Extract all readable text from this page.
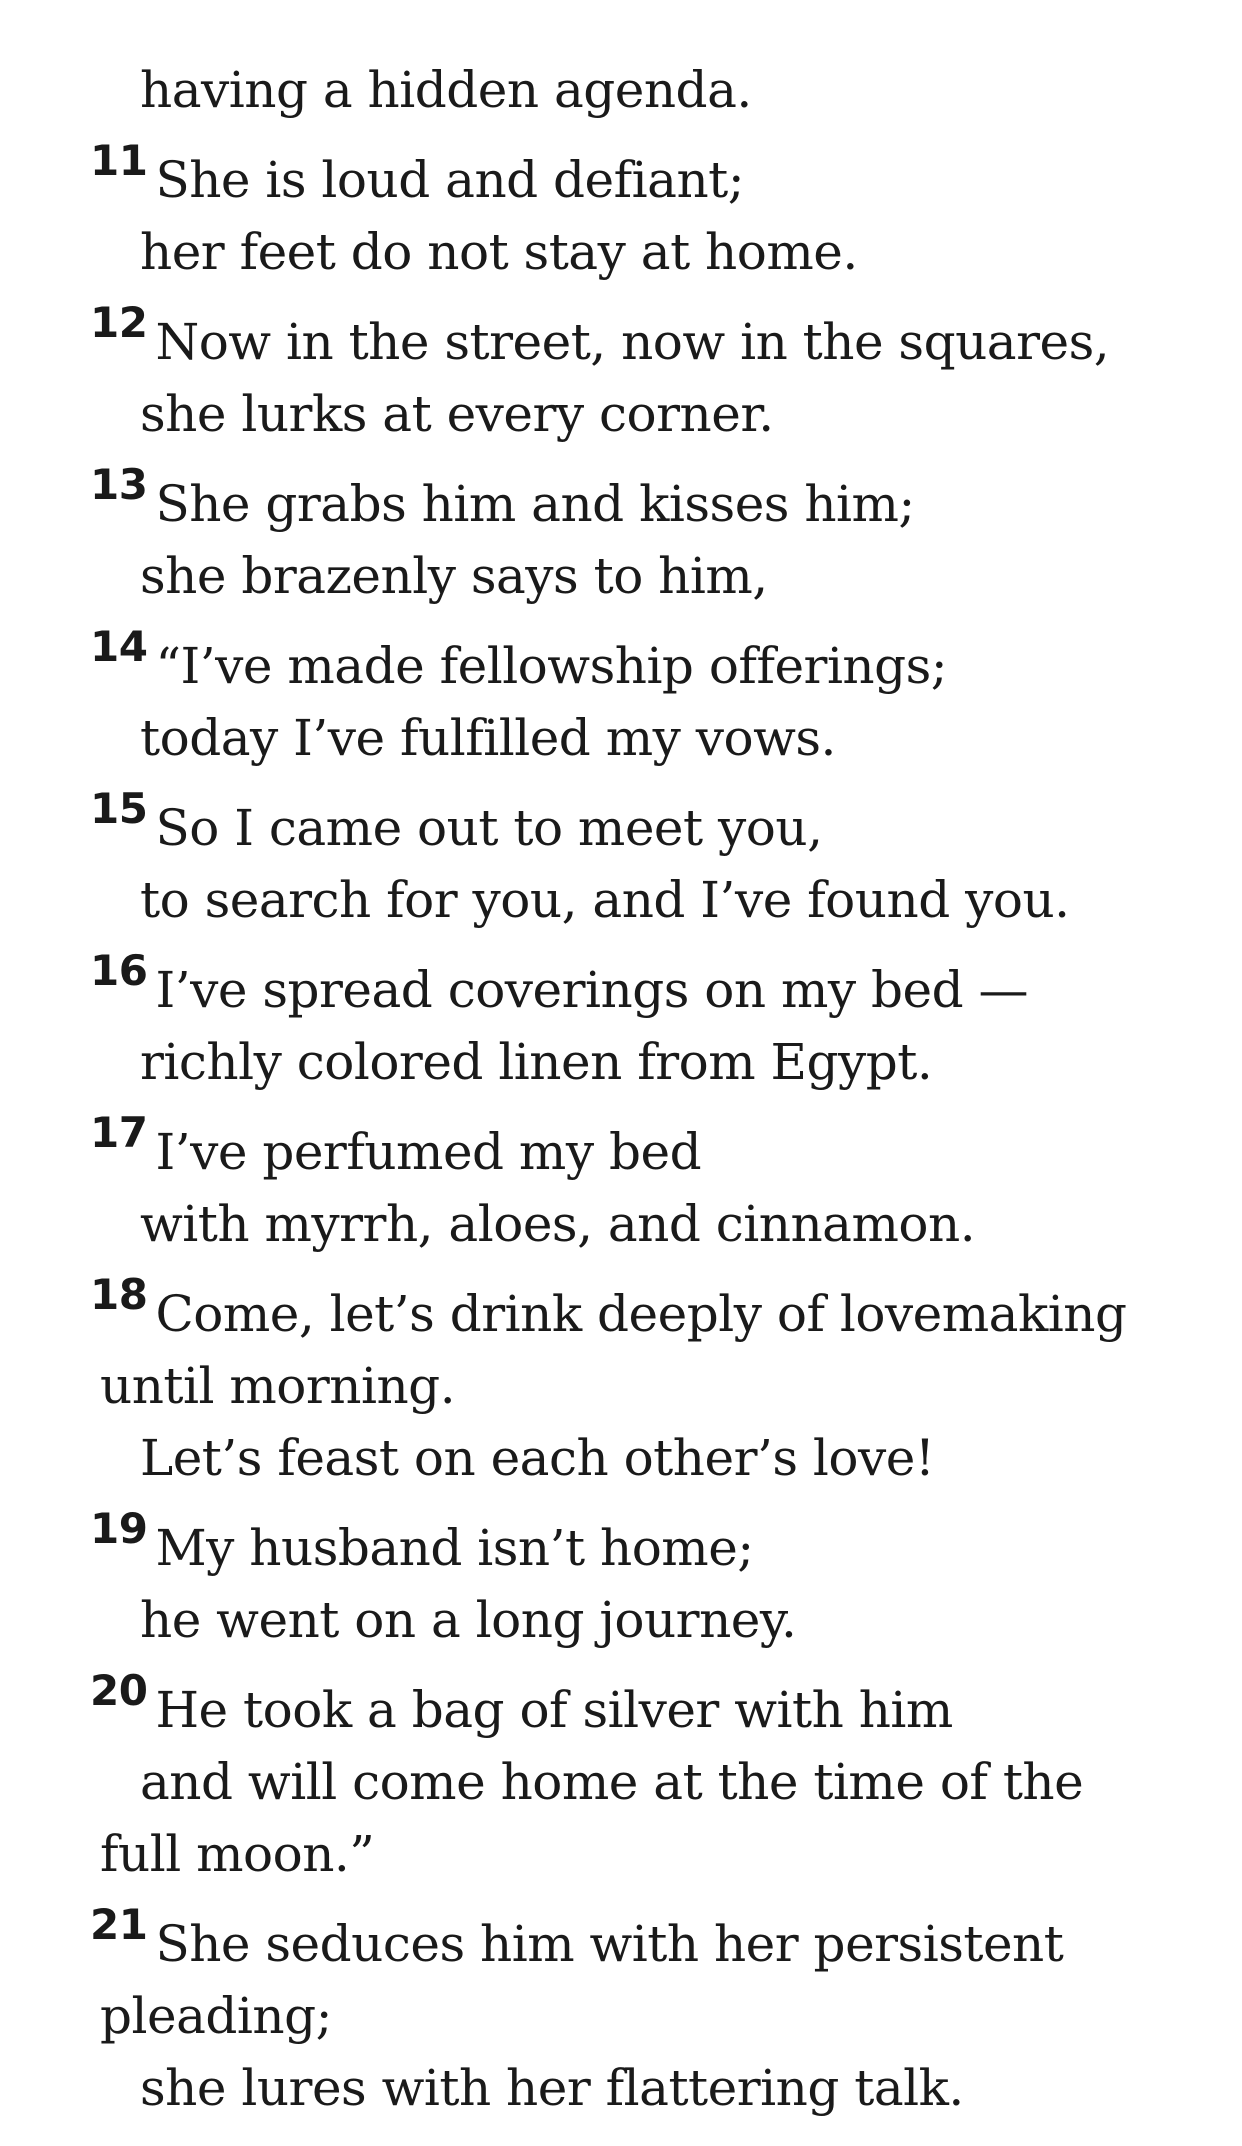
having a hidden agenda.
$^{11}$ She is loud and defiant;
her feet do not stay at home.
$^{12}$ Now in the street, now in the squares,
she lurks at every corner.
$^{13}$ She grabs him and kisses him;
she brazenly says to him,
$^{14}$ “I’ve made fellowship offerings;
today I’ve fulfilled my vows.
$^{15}$ So I came out to meet you,
to search for you, and I’ve found you.
$^{16}$ I’ve spread coverings on my bed —
richly colored linen from Egypt.
$^{17}$ I’ve perfumed my bed
with myrrh, aloes, and cinnamon.
$^{18}$ Come, let’s drink deeply of lovemaking
until morning.
Let’s feast on each other’s love!
$^{19}$ My husband isn’t home;
he went on a long journey.
$^{20}$ He took a bag of silver with him
and will come home at the time of the
full moon.”
$^{21}$ She seduces him with her persistent
pleading;
she lures with her flattering talk.
